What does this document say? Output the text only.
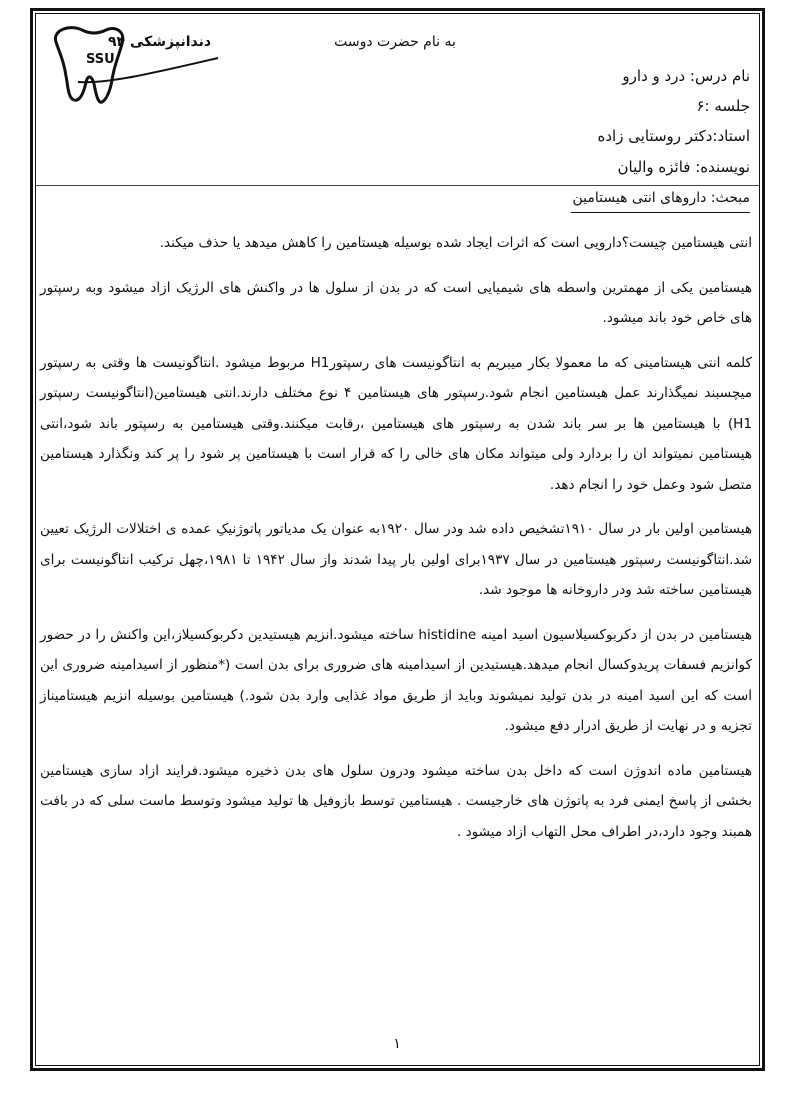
دندانپزشکی ۹۴
SSU
به نام حضرت دوست
نام درس: درد و دارو
جلسه :۶
استاد:دکتر روستایی زاده
نویسنده: فائزه والیان
مبحث: داروهای انتی هیستامین

انتی هیستامین چیست؟دارویی است که اثرات ایجاد شده بوسیله هیستامین را کاهش میدهد یا حذف میکند.

هیستامین یکی از مهمترین واسطه های شیمیایی است که در بدن از سلول ها در واکنش های الرژیک ازاد میشود وبه رسپتور های خاص خود باند میشود.

کلمه انتی هیستامینی که ما معمولا بکار میبریم به انتاگونیست های رسپتورH1 مربوط میشود .انتاگونیست ها وقتی به رسپتور میچسبند نمیگذارند عمل هیستامین انجام شود.رسپتور های هیستامین ۴ نوع مختلف دارند.انتی هیستامین(انتاگونیست رسپتور H1) با هیستامین ها بر سر باند شدن به رسپتور های هیستامین ،رقابت میکنند.وقتی هیستامین به رسپتور باند شود،انتی هیستامین نمیتواند ان را بردارد ولی میتواند مکان های خالی را که قرار است با هیستامین پر شود را پر کند ونگذارد هیستامین متصل شود وعمل خود را انجام دهد.

هیستامین اولین بار در سال ۱۹۱۰تشخیص داده شد ودر سال ۱۹۲۰به عنوان یک مدیاتور پاتوژنیکِ عمده ی اختلالات الرژیک تعیین شد.انتاگونیست رسپتور هیستامین در سال ۱۹۳۷برای اولین بار پیدا شدند واز سال ۱۹۴۲ تا ۱۹۸۱،چهل ترکیب انتاگونیست برای هیستامین ساخته شد ودر داروخانه ها موجود شد.

هیستامین در بدن از دکربوکسیلاسیون اسید امینه histidine ساخته میشود.انزیم هیستیدین دکربوکسیلاز،این واکنش را در حضور کوانزیم فسفات پریدوکسال انجام میدهد.هیستیدین از اسیدامینه های ضروری برای بدن است (*منظور از اسیدامینه ضروری این است که این اسید امینه در بدن تولید نمیشوند وباید از طریق مواد غذایی وارد بدن شود.) هیستامین بوسیله انزیم هیستامیناز تجزیه و در نهایت از طریق ادرار دفع میشود.

هیستامین ماده اندوژن است که داخل بدن ساخته میشود ودرون سلول های بدن ذخیره میشود.فرایند ازاد سازی هیستامین بخشی از پاسخ ایمنی فرد به پاتوژن های خارجیست . هیستامین توسط بازوفیل ها تولید میشود وتوسط ماست سلی که در بافت همبند وجود دارد،در اطراف محل التهاب ازاد میشود .

۱
